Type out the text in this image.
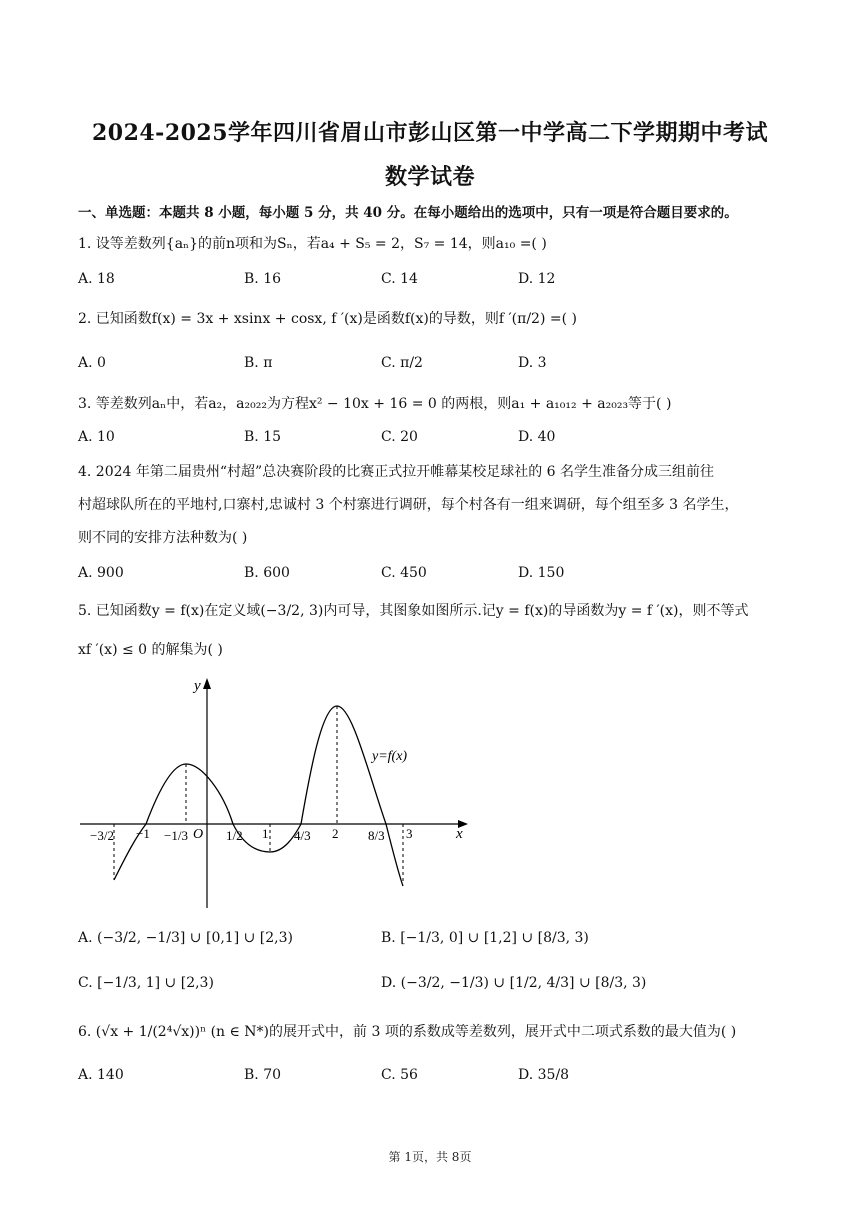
2024-2025学年四川省眉山市彭山区第一中学高二下学期期中考试
数学试卷
一、单选题：本题共 8 小题，每小题 5 分，共 40 分。在每小题给出的选项中，只有一项是符合题目要求的。
1. 设等差数列{aₙ}的前n项和为Sₙ，若a₄ + S₅ = 2，S₇ = 14，则a₁₀ =( )
A. 18	B. 16	C. 14	D. 12
2. 已知函数f(x) = 3x + xsinx + cosx, f ′(x)是函数f(x)的导数，则f ′(π/2) =( )
A. 0	B. π	C. π/2	D. 3
3. 等差数列aₙ中，若a₂，a₂₀₂₂为方程x² − 10x + 16 = 0 的两根，则a₁ + a₁₀₁₂ + a₂₀₂₃等于( )
A. 10	B. 15	C. 20	D. 40
4. 2024 年第二届贵州“村超”总决赛阶段的比赛正式拉开帷幕某校足球社的 6 名学生准备分成三组前往
村超球队所在的平地村,口寨村,忠诚村 3 个村寨进行调研，每个村各有一组来调研，每个组至多 3 名学生，
则不同的安排方法种数为( )
A. 900	B. 600	C. 450	D. 150
5. 已知函数y = f(x)在定义域(−3/2, 3)内可导，其图象如图所示.记y = f(x)的导函数为y = f ′(x)，则不等式
xf ′(x) ≤ 0 的解集为( )
y
x
y=f(x)
O
−3/2 −1 −1/3	1/2 1 4/3 2 8/3 3
A. (−3/2, −1/3] ∪ [0,1] ∪ [2,3)	B. [−1/3, 0] ∪ [1,2] ∪ [8/3, 3)
C. [−1/3, 1] ∪ [2,3)	D. (−3/2, −1/3) ∪ [1/2, 4/3] ∪ [8/3, 3)
6. (√x + 1/(2⁴√x))ⁿ (n ∈ N*)的展开式中，前 3 项的系数成等差数列，展开式中二项式系数的最大值为( )
A. 140	B. 70	C. 56	D. 35/8
第 1页，共 8页
